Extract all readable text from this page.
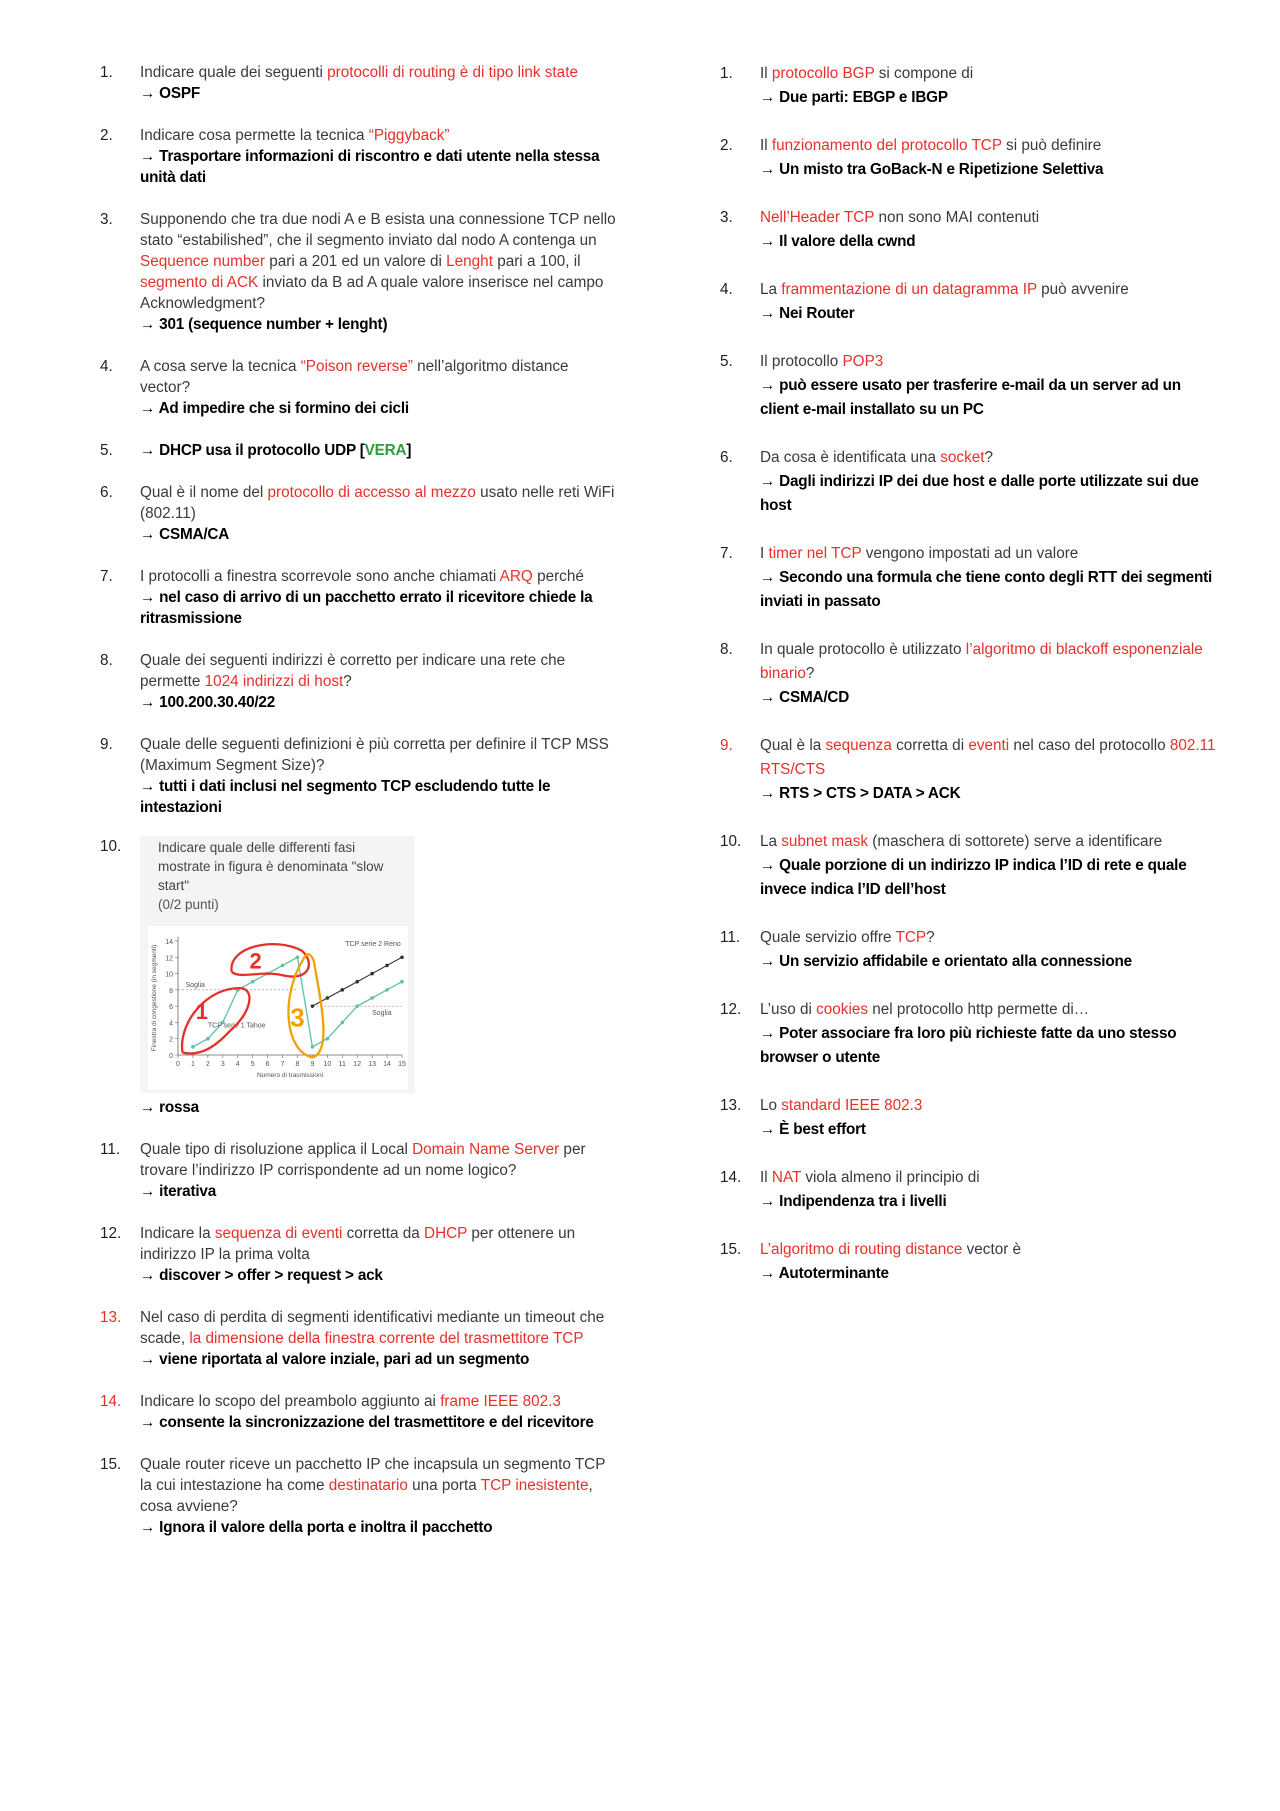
1. Indicare quale dei seguenti protocolli di routing è di tipo link state
→ OSPF
2. Indicare cosa permette la tecnica “Piggyback”
→ Trasportare informazioni di riscontro e dati utente nella stessa unità dati
3. Supponendo che tra due nodi A e B esista una connessione TCP nello stato “estabilished”, che il segmento inviato dal nodo A contenga un Sequence number pari a 201 ed un valore di Lenght pari a 100, il segmento di ACK inviato da B ad A quale valore inserisce nel campo Acknowledgment?
→ 301 (sequence number + lenght)
4. A cosa serve la tecnica “Poison reverse” nell’algoritmo distance vector?
→ Ad impedire che si formino dei cicli
5. → DHCP usa il protocollo UDP [VERA]
6. Qual è il nome del protocollo di accesso al mezzo usato nelle reti WiFi (802.11)
→ CSMA/CA
7. I protocolli a finestra scorrevole sono anche chiamati ARQ perché
→ nel caso di arrivo di un pacchetto errato il ricevitore chiede la ritrasmissione
8. Quale dei seguenti indirizzi è corretto per indicare una rete che permette 1024 indirizzi di host?
→ 100.200.30.40/22
9. Quale delle seguenti definizioni è più corretta per definire il TCP MSS (Maximum Segment Size)?
→ tutti i dati inclusi nel segmento TCP escludendo tutte le intestazioni
10.	Indicare quale delle differenti fasi mostrate in figura è denominata "slow start"
(0/2 punti)
0
2
4
6
8
10
12
14
0 1 2 3 4 5 6 7 8 9 10 11 12 13 14 15
Numero di trasmissioni
Finestra di congestione (in segmenti)	Soglia
Soglia
TCP serie 2 Reno
TCP serie 1 Tahoe
1
2
3
→ rossa
11. Quale tipo di risoluzione applica il Local Domain Name Server per trovare l’indirizzo IP corrispondente ad un nome logico?
→ iterativa
12. Indicare la sequenza di eventi corretta da DHCP per ottenere un indirizzo IP la prima volta
→ discover > offer > request > ack
13. Nel caso di perdita di segmenti identificativi mediante un timeout che scade, la dimensione della finestra corrente del trasmettitore TCP
→ viene riportata al valore inziale, pari ad un segmento
14. Indicare lo scopo del preambolo aggiunto ai frame IEEE 802.3
→ consente la sincronizzazione del trasmettitore e del ricevitore
15. Quale router riceve un pacchetto IP che incapsula un segmento TCP la cui intestazione ha come destinatario una porta TCP inesistente, cosa avviene?
→ Ignora il valore della porta e inoltra il pacchetto
1. Il protocollo BGP si compone di
→ Due parti: EBGP e IBGP
2. Il funzionamento del protocollo TCP si può definire
→ Un misto tra GoBack-N e Ripetizione Selettiva
3. Nell’Header TCP non sono MAI contenuti
→ Il valore della cwnd
4. La frammentazione di un datagramma IP può avvenire
→ Nei Router
5. Il protocollo POP3
→ può essere usato per trasferire e-mail da un server ad un client e-mail installato su un PC
6. Da cosa è identificata una socket?
→ Dagli indirizzi IP dei due host e dalle porte utilizzate sui due host
7. I timer nel TCP vengono impostati ad un valore
→ Secondo una formula che tiene conto degli RTT dei segmenti inviati in passato
8. In quale protocollo è utilizzato l’algoritmo di blackoff esponenziale binario?
→ CSMA/CD
9. Qual è la sequenza corretta di eventi nel caso del protocollo 802.11 RTS/CTS
→ RTS > CTS > DATA > ACK
10. La subnet mask (maschera di sottorete) serve a identificare
→ Quale porzione di un indirizzo IP indica l’ID di rete e quale invece indica l’ID dell’host
11. Quale servizio offre TCP?
→ Un servizio affidabile e orientato alla connessione
12. L’uso di cookies nel protocollo http permette di…
→ Poter associare fra loro più richieste fatte da uno stesso browser o utente
13. Lo standard IEEE 802.3
→ È best effort
14. Il NAT viola almeno il principio di
→ Indipendenza tra i livelli
15. L’algoritmo di routing distance vector è
→ Autoterminante
